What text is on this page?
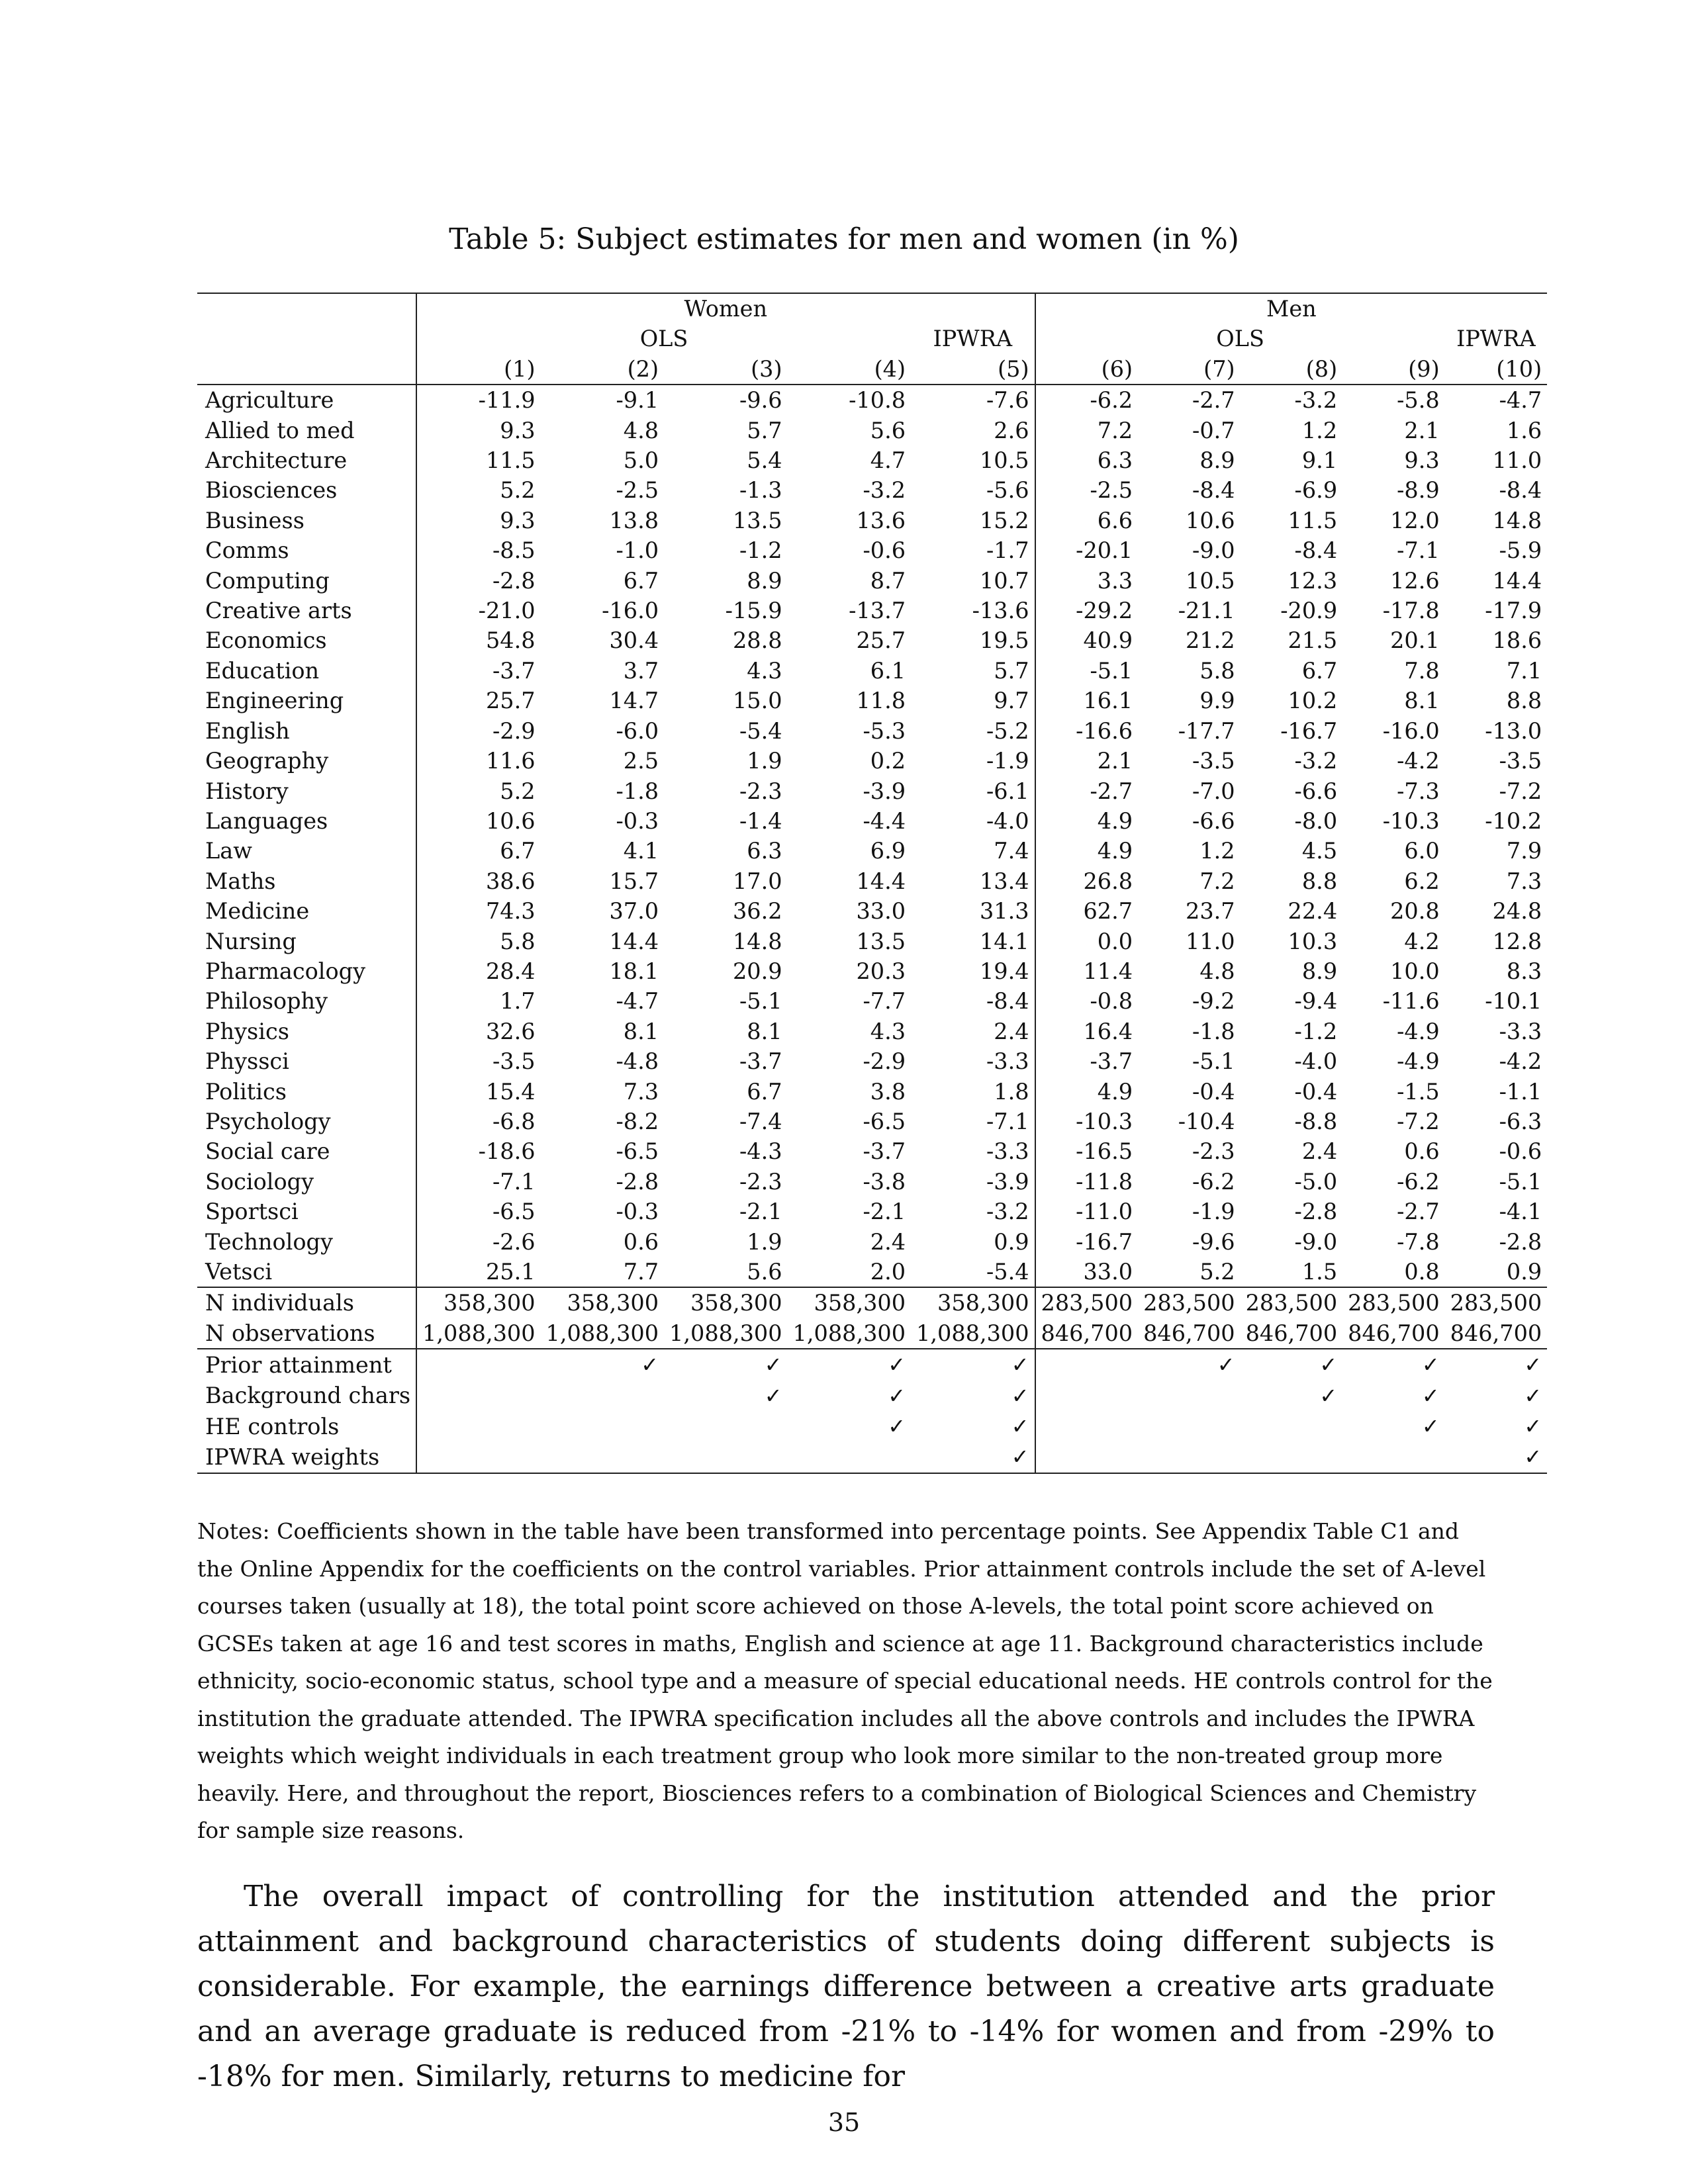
Table 5: Subject estimates for men and women (in %)
	Women					Men				
	OLS				IPWRA	OLS				IPWRA
	(1)	(2)	(3)	(4)	(5)	(6)	(7)	(8)	(9)	(10)
Agriculture	-11.9	-9.1	-9.6	-10.8	-7.6	-6.2	-2.7	-3.2	-5.8	-4.7
Allied to med	9.3	4.8	5.7	5.6	2.6	7.2	-0.7	1.2	2.1	1.6
Architecture	11.5	5.0	5.4	4.7	10.5	6.3	8.9	9.1	9.3	11.0
Biosciences	5.2	-2.5	-1.3	-3.2	-5.6	-2.5	-8.4	-6.9	-8.9	-8.4
Business	9.3	13.8	13.5	13.6	15.2	6.6	10.6	11.5	12.0	14.8
Comms	-8.5	-1.0	-1.2	-0.6	-1.7	-20.1	-9.0	-8.4	-7.1	-5.9
Computing	-2.8	6.7	8.9	8.7	10.7	3.3	10.5	12.3	12.6	14.4
Creative arts	-21.0	-16.0	-15.9	-13.7	-13.6	-29.2	-21.1	-20.9	-17.8	-17.9
Economics	54.8	30.4	28.8	25.7	19.5	40.9	21.2	21.5	20.1	18.6
Education	-3.7	3.7	4.3	6.1	5.7	-5.1	5.8	6.7	7.8	7.1
Engineering	25.7	14.7	15.0	11.8	9.7	16.1	9.9	10.2	8.1	8.8
English	-2.9	-6.0	-5.4	-5.3	-5.2	-16.6	-17.7	-16.7	-16.0	-13.0
Geography	11.6	2.5	1.9	0.2	-1.9	2.1	-3.5	-3.2	-4.2	-3.5
History	5.2	-1.8	-2.3	-3.9	-6.1	-2.7	-7.0	-6.6	-7.3	-7.2
Languages	10.6	-0.3	-1.4	-4.4	-4.0	4.9	-6.6	-8.0	-10.3	-10.2
Law	6.7	4.1	6.3	6.9	7.4	4.9	1.2	4.5	6.0	7.9
Maths	38.6	15.7	17.0	14.4	13.4	26.8	7.2	8.8	6.2	7.3
Medicine	74.3	37.0	36.2	33.0	31.3	62.7	23.7	22.4	20.8	24.8
Nursing	5.8	14.4	14.8	13.5	14.1	0.0	11.0	10.3	4.2	12.8
Pharmacology	28.4	18.1	20.9	20.3	19.4	11.4	4.8	8.9	10.0	8.3
Philosophy	1.7	-4.7	-5.1	-7.7	-8.4	-0.8	-9.2	-9.4	-11.6	-10.1
Physics	32.6	8.1	8.1	4.3	2.4	16.4	-1.8	-1.2	-4.9	-3.3
Physsci	-3.5	-4.8	-3.7	-2.9	-3.3	-3.7	-5.1	-4.0	-4.9	-4.2
Politics	15.4	7.3	6.7	3.8	1.8	4.9	-0.4	-0.4	-1.5	-1.1
Psychology	-6.8	-8.2	-7.4	-6.5	-7.1	-10.3	-10.4	-8.8	-7.2	-6.3
Social care	-18.6	-6.5	-4.3	-3.7	-3.3	-16.5	-2.3	2.4	0.6	-0.6
Sociology	-7.1	-2.8	-2.3	-3.8	-3.9	-11.8	-6.2	-5.0	-6.2	-5.1
Sportsci	-6.5	-0.3	-2.1	-2.1	-3.2	-11.0	-1.9	-2.8	-2.7	-4.1
Technology	-2.6	0.6	1.9	2.4	0.9	-16.7	-9.6	-9.0	-7.8	-2.8
Vetsci	25.1	7.7	5.6	2.0	-5.4	33.0	5.2	1.5	0.8	0.9
N individuals	358,300	358,300	358,300	358,300	358,300	283,500	283,500	283,500	283,500	283,500
N observations	1,088,300	1,088,300	1,088,300	1,088,300	1,088,300	846,700	846,700	846,700	846,700	846,700
Prior attainment		✓	✓	✓	✓		✓	✓	✓	✓
Background chars			✓	✓	✓			✓	✓	✓
HE controls				✓	✓				✓	✓
IPWRA weights					✓					✓
Notes: Coefficients shown in the table have been transformed into percentage points. See Appendix Table C1 and the Online Appendix for the coefficients on the control variables. Prior attainment controls include the set of A-level courses taken (usually at 18), the total point score achieved on those A-levels, the total point score achieved on GCSEs taken at age 16 and test scores in maths, English and science at age 11. Background characteristics include ethnicity, socio-economic status, school type and a measure of special educational needs. HE controls control for the institution the graduate attended. The IPWRA specification includes all the above controls and includes the IPWRA weights which weight individuals in each treatment group who look more similar to the non-treated group more heavily. Here, and throughout the report, Biosciences refers to a combination of Biological Sciences and Chemistry for sample size reasons.
The overall impact of controlling for the institution attended and the prior attainment and background characteristics of students doing different subjects is considerable. For example, the earnings difference between a creative arts graduate and an average graduate is reduced from -21% to -14% for women and from -29% to -18% for men. Similarly, returns to medicine for
35
